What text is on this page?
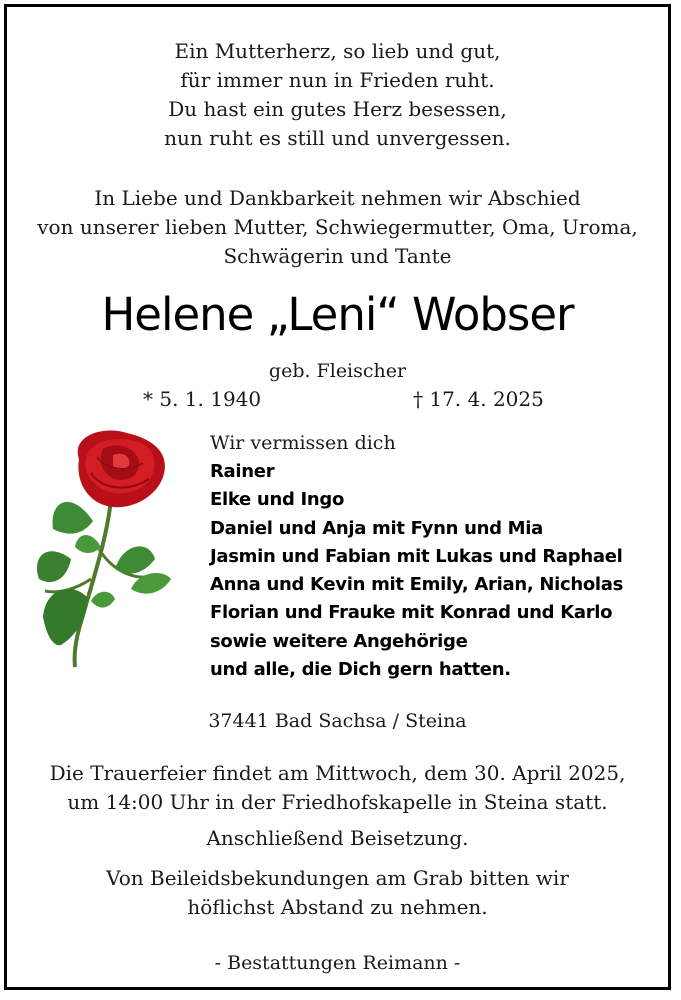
Ein Mutterherz, so lieb und gut,
für immer nun in Frieden ruht.
Du hast ein gutes Herz besessen,
nun ruht es still und unvergessen.
In Liebe und Dankbarkeit nehmen wir Abschied
von unserer lieben Mutter, Schwiegermutter, Oma, Uroma,
Schwägerin und Tante
Helene „Leni“ Wobser
geb. Fleischer
* 5. 1. 1940	† 17. 4. 2025
Wir vermissen dich
Rainer
Elke und Ingo
Daniel und Anja mit Fynn und Mia
Jasmin und Fabian mit Lukas und Raphael
Anna und Kevin mit Emily, Arian, Nicholas
Florian und Frauke mit Konrad und Karlo
sowie weitere Angehörige
und alle, die Dich gern hatten.
37441 Bad Sachsa / Steina
Die Trauerfeier findet am Mittwoch, dem 30. April 2025,
um 14:00 Uhr in der Friedhofskapelle in Steina statt.
Anschließend Beisetzung.
Von Beileidsbekundungen am Grab bitten wir
höflichst Abstand zu nehmen.
- Bestattungen Reimann -
